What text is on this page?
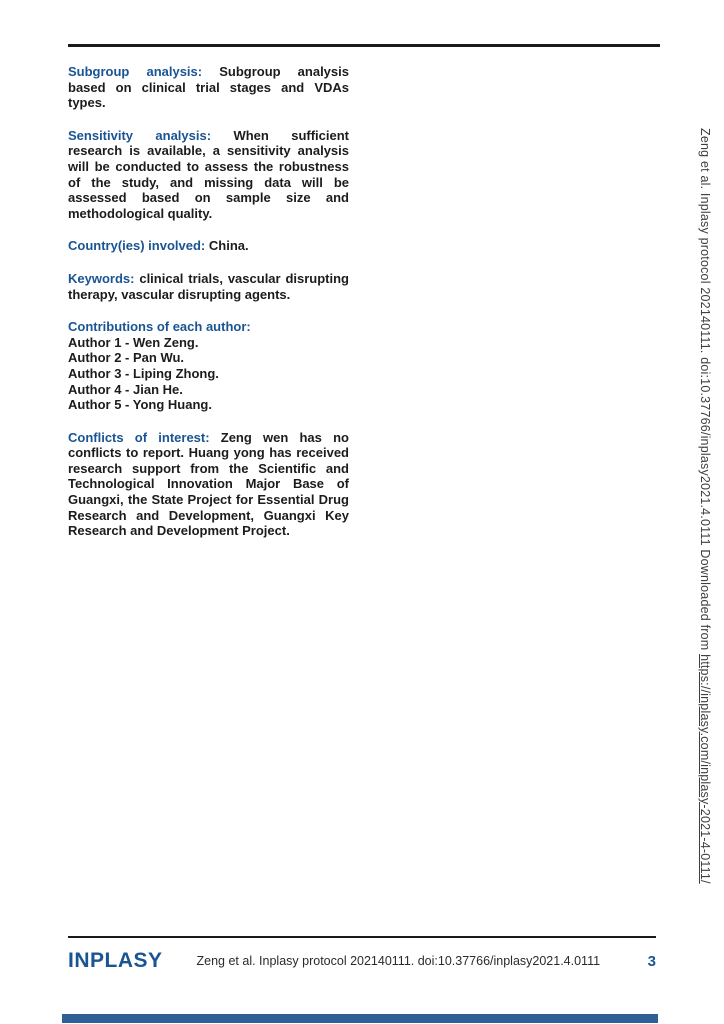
Subgroup analysis: Subgroup analysis based on clinical trial stages and VDAs types.

Sensitivity analysis: When sufficient research is available, a sensitivity analysis will be conducted to assess the robustness of the study, and missing data will be assessed based on sample size and methodological quality.

Country(ies) involved: China.

Keywords: clinical trials, vascular disrupting therapy, vascular disrupting agents.

Contributions of each author:

Author 1 - Wen Zeng.

Author 2 - Pan Wu.

Author 3 - Liping Zhong.

Author 4 - Jian He.

Author 5 - Yong Huang.

Conflicts of interest: Zeng wen has no conflicts to report. Huang yong has received research support from the Scientific and Technological Innovation Major Base of Guangxi, the State Project for Essential Drug Research and Development, Guangxi Key Research and Development Project.	Zeng et al. Inplasy protocol 202140111. doi:10.37766/inplasy2021.4.0111 Downloaded from https://inplasy.com/inplasy-2021-4-0111/
INPLASY	Zeng et al. Inplasy protocol 202140111. doi:10.37766/inplasy2021.4.0111	3
